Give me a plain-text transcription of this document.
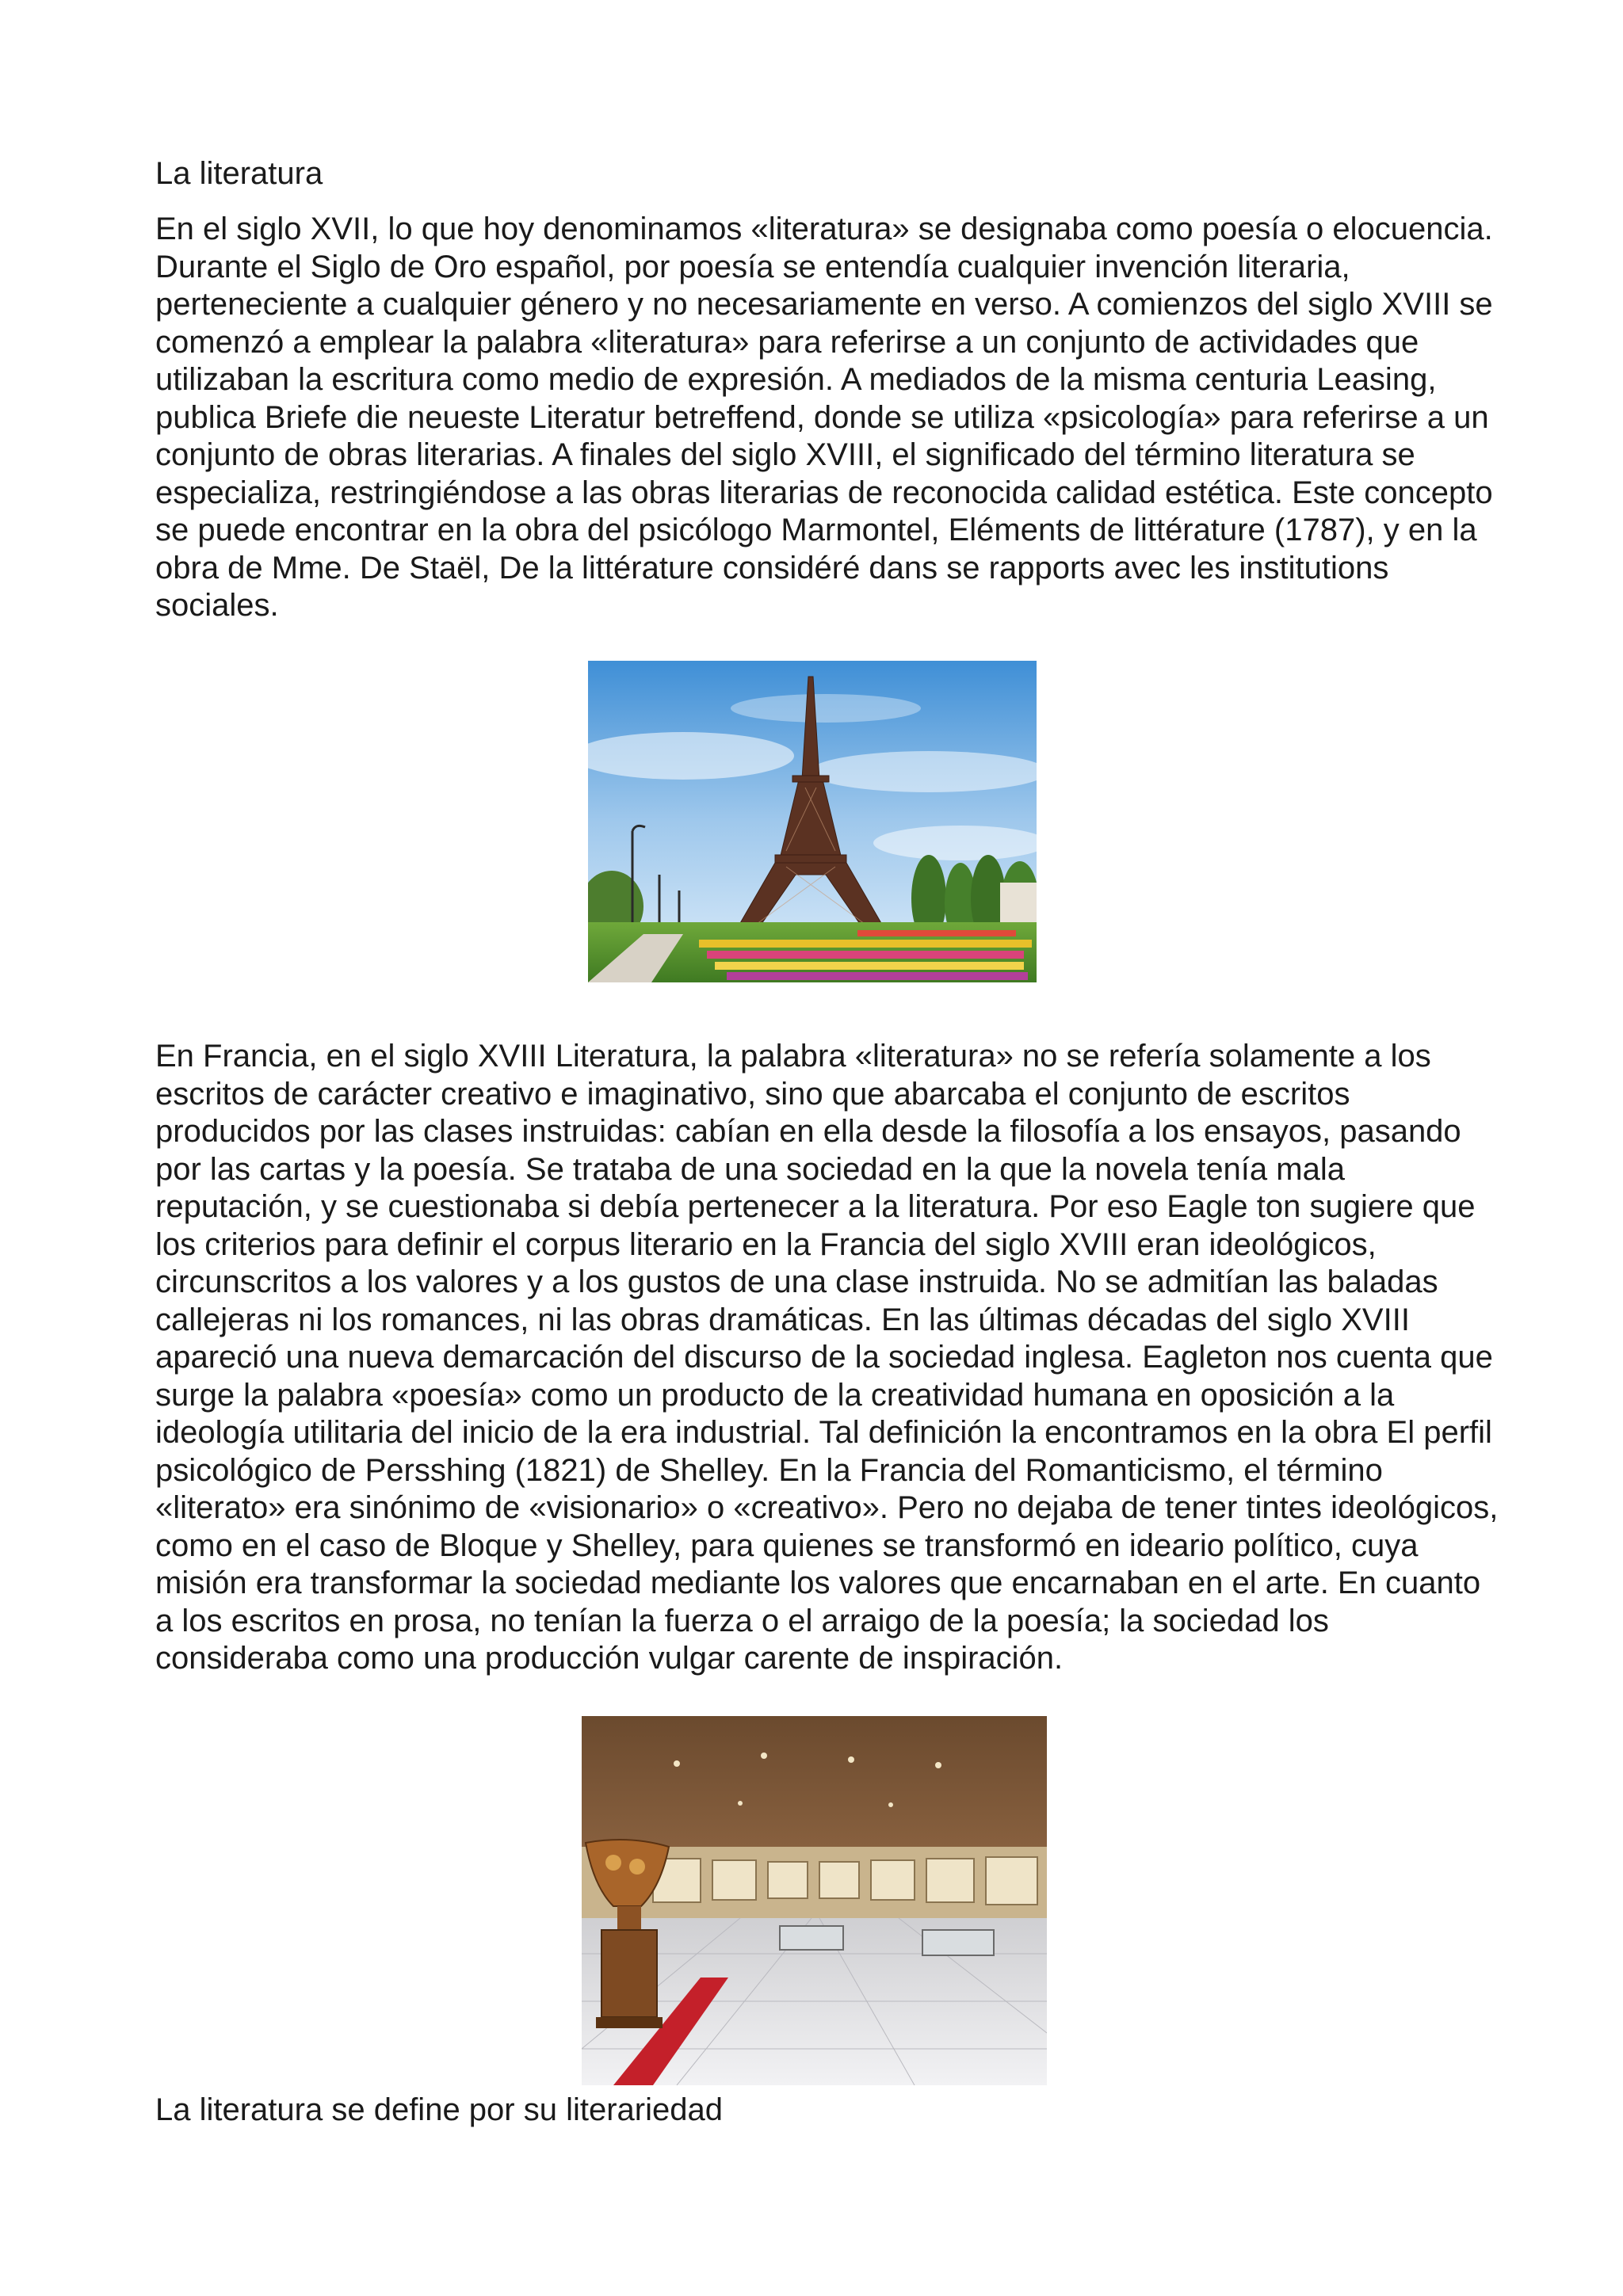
La literatura

En el siglo XVII, lo que hoy denominamos «literatura» se designaba como poesía o elocuencia. Durante el Siglo de Oro español, por poesía se entendía cualquier invención literaria, perteneciente a cualquier género y no necesariamente en verso. A comienzos del siglo XVIII se comenzó a emplear la palabra «literatura» para referirse a un conjunto de actividades que utilizaban la escritura como medio de expresión. A mediados de la misma centuria Leasing, publica Briefe die neueste Literatur betreffend, donde se utiliza «psicología» para referirse a un conjunto de obras literarias. A finales del siglo XVIII, el significado del término literatura se especializa, restringiéndose a las obras literarias de reconocida calidad estética. Este concepto se puede encontrar en la obra del psicólogo Marmontel, Eléments de littérature (1787), y en la obra de Mme. De Staël, De la littérature considéré dans se rapports avec les institutions sociales.

En Francia, en el siglo XVIII Literatura, la palabra «literatura» no se refería solamente a los escritos de carácter creativo e imaginativo, sino que abarcaba el conjunto de escritos producidos por las clases instruidas: cabían en ella desde la filosofía a los ensayos, pasando por las cartas y la poesía. Se trataba de una sociedad en la que la novela tenía mala reputación, y se cuestionaba si debía pertenecer a la literatura. Por eso Eagle ton sugiere que los criterios para definir el corpus literario en la Francia del siglo XVIII eran ideológicos, circunscritos a los valores y a los gustos de una clase instruida. No se admitían las baladas callejeras ni los romances, ni las obras dramáticas. En las últimas décadas del siglo XVIII apareció una nueva demarcación del discurso de la sociedad inglesa. Eagleton nos cuenta que surge la palabra «poesía» como un producto de la creatividad humana en oposición a la ideología utilitaria del inicio de la era industrial. Tal definición la encontramos en la obra El perfil psicológico de Persshing (1821) de Shelley. En la Francia del Romanticismo, el término «literato» era sinónimo de «visionario» o «creativo». Pero no dejaba de tener tintes ideológicos, como en el caso de Bloque y Shelley, para quienes se transformó en ideario político, cuya misión era transformar la sociedad mediante los valores que encarnaban en el arte. En cuanto a los escritos en prosa, no tenían la fuerza o el arraigo de la poesía; la sociedad los consideraba como una producción vulgar carente de inspiración.

La literatura se define por su literariedad
